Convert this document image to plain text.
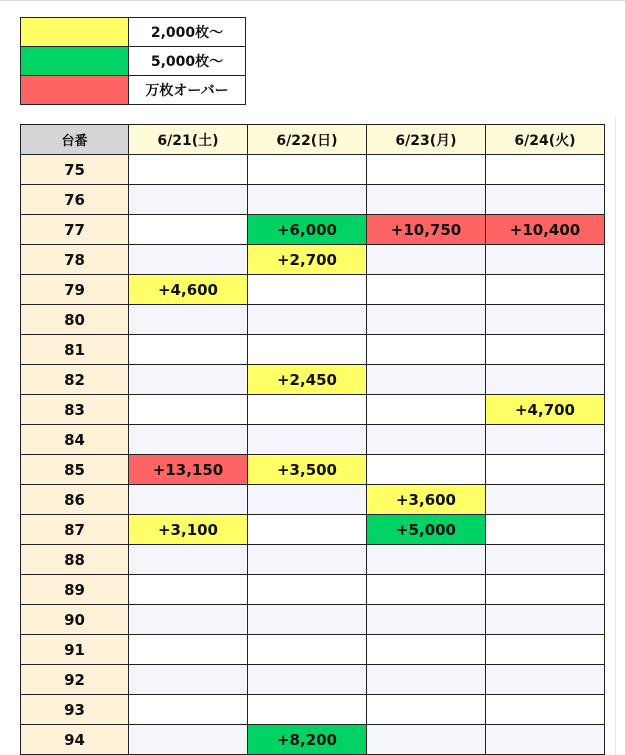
	2,000枚～
	5,000枚～
	万枚オーバー
台番	6/21(土)	6/22(日)	6/23(月)	6/24(火)
75				
76				
77		+6,000	+10,750	+10,400
78		+2,700		
79	+4,600			
80				
81				
82		+2,450		
83				+4,700
84				
85	+13,150	+3,500		
86			+3,600	
87	+3,100		+5,000	
88				
89				
90				
91				
92				
93				
94		+8,200		
